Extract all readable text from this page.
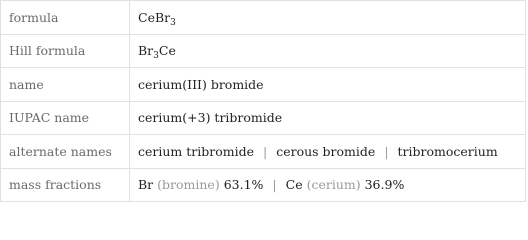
formula	CeBr$_3$
Hill formula	$Br_3Ce$
name	cerium(III) bromide
IUPAC name	cerium(+3) tribromide
alternate names	cerium tribromide | cerous bromide | tribromocerium
mass fractions	Br (bromine) 63.1% | Ce (cerium) 36.9%
